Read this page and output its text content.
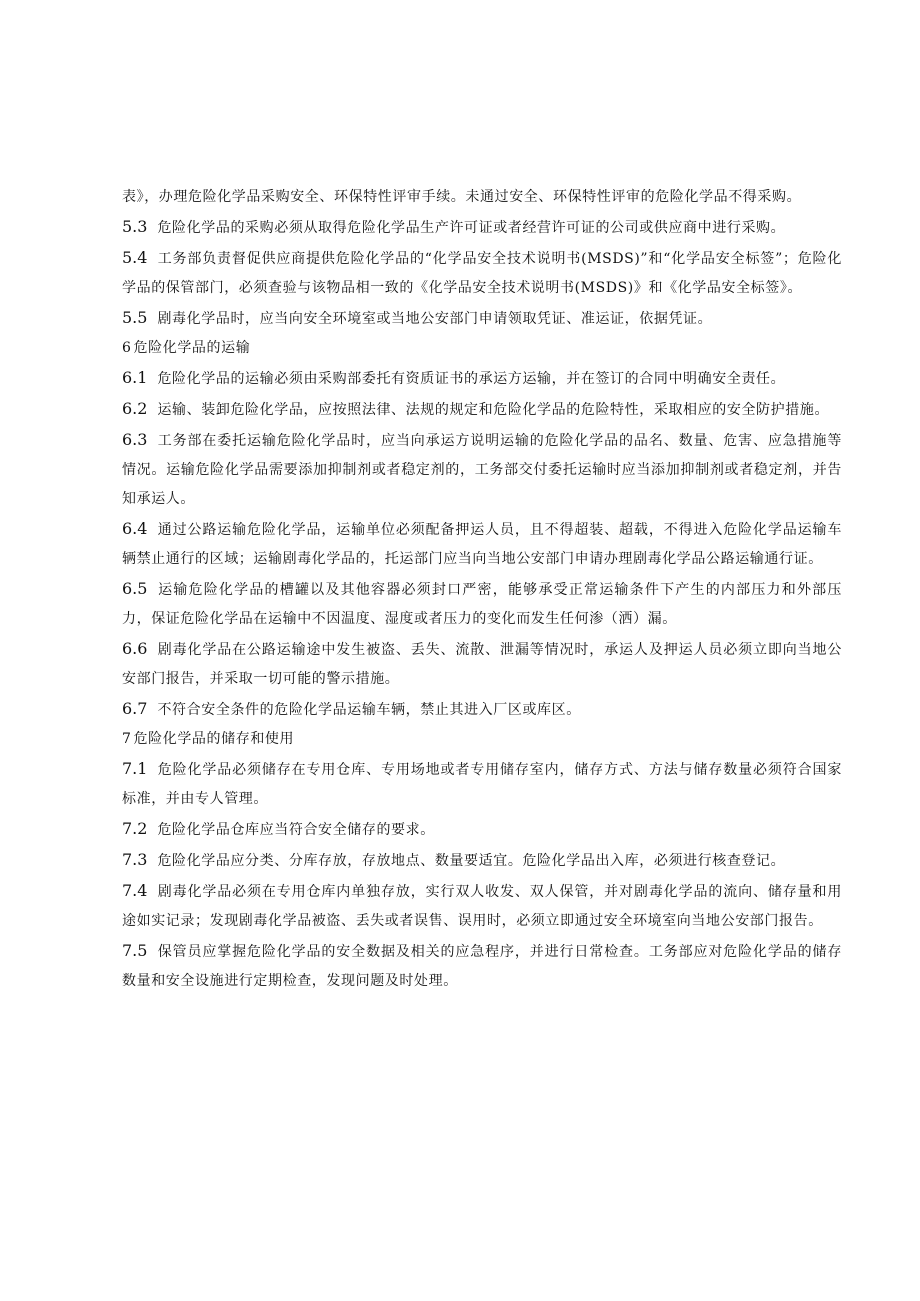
表》，办理危险化学品采购安全、环保特性评审手续。未通过安全、环保特性评审的危险化学品不得采购。

5.3 危险化学品的采购必须从取得危险化学品生产许可证或者经营许可证的公司或供应商中进行采购。

5.4 工务部负责督促供应商提供危险化学品的“化学品安全技术说明书(MSDS)”和“化学品安全标签”；危险化学品的保管部门，必须查验与该物品相一致的《化学品安全技术说明书(MSDS)》和《化学品安全标签》。

5.5 剧毒化学品时，应当向安全环境室或当地公安部门申请领取凭证、准运证，依据凭证。

6 危险化学品的运输

6.1 危险化学品的运输必须由采购部委托有资质证书的承运方运输，并在签订的合同中明确安全责任。

6.2 运输、装卸危险化学品，应按照法律、法规的规定和危险化学品的危险特性，采取相应的安全防护措施。

6.3 工务部在委托运输危险化学品时，应当向承运方说明运输的危险化学品的品名、数量、危害、应急措施等情况。运输危险化学品需要添加抑制剂或者稳定剂的，工务部交付委托运输时应当添加抑制剂或者稳定剂，并告知承运人。

6.4 通过公路运输危险化学品，运输单位必须配备押运人员，且不得超装、超载，不得进入危险化学品运输车辆禁止通行的区域；运输剧毒化学品的，托运部门应当向当地公安部门申请办理剧毒化学品公路运输通行证。

6.5 运输危险化学品的槽罐以及其他容器必须封口严密，能够承受正常运输条件下产生的内部压力和外部压力，保证危险化学品在运输中不因温度、湿度或者压力的变化而发生任何渗（洒）漏。

6.6 剧毒化学品在公路运输途中发生被盗、丢失、流散、泄漏等情况时，承运人及押运人员必须立即向当地公安部门报告，并采取一切可能的警示措施。

6.7 不符合安全条件的危险化学品运输车辆，禁止其进入厂区或库区。

7 危险化学品的储存和使用

7.1 危险化学品必须储存在专用仓库、专用场地或者专用储存室内，储存方式、方法与储存数量必须符合国家标准，并由专人管理。

7.2 危险化学品仓库应当符合安全储存的要求。

7.3 危险化学品应分类、分库存放，存放地点、数量要适宜。危险化学品出入库，必须进行核查登记。

7.4 剧毒化学品必须在专用仓库内单独存放，实行双人收发、双人保管，并对剧毒化学品的流向、储存量和用途如实记录；发现剧毒化学品被盗、丢失或者误售、误用时，必须立即通过安全环境室向当地公安部门报告。

7.5 保管员应掌握危险化学品的安全数据及相关的应急程序，并进行日常检查。工务部应对危险化学品的储存数量和安全设施进行定期检查，发现问题及时处理。
